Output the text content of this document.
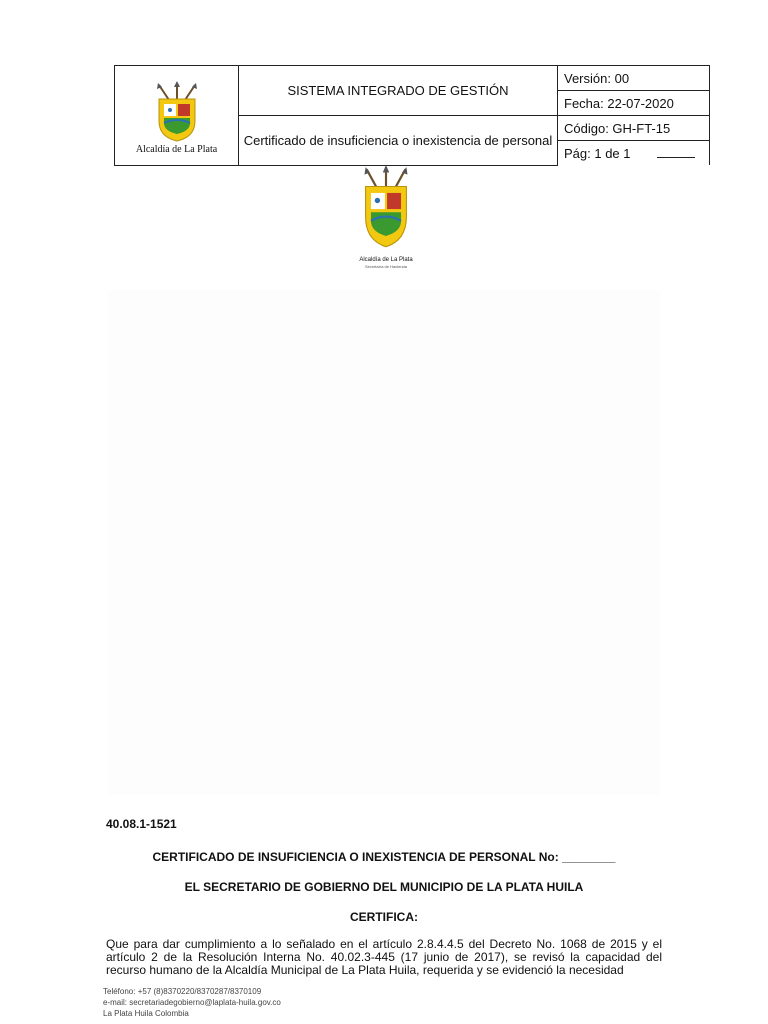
Alcaldía de La Plata	SISTEMA INTEGRADO DE GESTIÓN	Versión: 00
		Fecha: 22-07-2020
	Certificado de insuficiencia o inexistencia de personal	Código: GH-FT-15
		Pág: 1 de 1
Alcaldía de La Plata
Secretaría de Hacienda
40.08.1-1521
CERTIFICADO DE INSUFICIENCIA O INEXISTENCIA DE PERSONAL No: ________
EL SECRETARIO DE GOBIERNO DEL MUNICIPIO DE LA PLATA HUILA
CERTIFICA:
Que para dar cumplimiento a lo señalado en el artículo 2.8.4.4.5 del Decreto No. 1068 de 2015 y el artículo 2 de la Resolución Interna No. 40.02.3-445 (17 junio de 2017), se revisó la capacidad del recurso humano de la Alcaldía Municipal de La Plata Huila, requerida y se evidenció la necesidad
Teléfono: +57 (8)8370220/8370287/8370109
e-mail: secretariadegobierno@laplata-huila.gov.co
La Plata Huila Colombia
